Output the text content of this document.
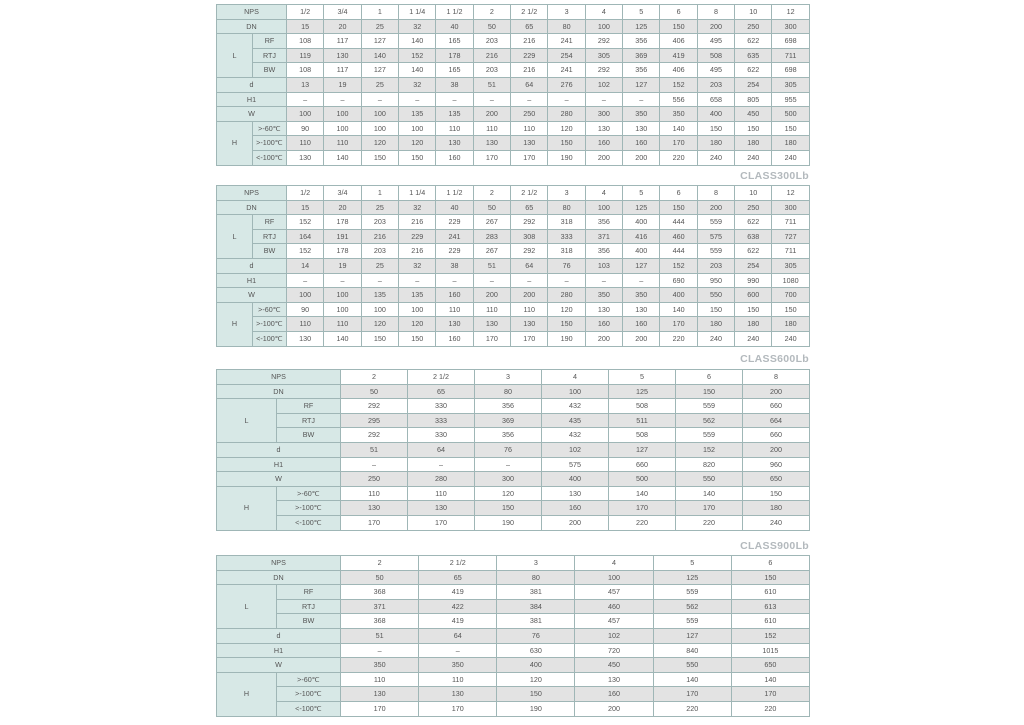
NPS		1/2	3/4	1	1 1/4	1 1/2	2	2 1/2	3	4	5	6	8	10	12
DN		15	20	25	32	40	50	65	80	100	125	150	200	250	300
L	RF	108	117	127	140	165	203	216	241	292	356	406	495	622	698
	RTJ	119	130	140	152	178	216	229	254	305	369	419	508	635	711
	BW	108	117	127	140	165	203	216	241	292	356	406	495	622	698
d		13	19	25	32	38	51	64	276	102	127	152	203	254	305
H1		–	–	–	–	–	–	–	–	–	–	556	658	805	955
W		100	100	100	135	135	200	250	280	300	350	350	400	450	500
H	>-60℃	90	100	100	100	110	110	110	120	130	130	140	150	150	150
	>-100℃	110	110	120	120	130	130	130	150	160	160	170	180	180	180
	<-100℃	130	140	150	150	160	170	170	190	200	200	220	240	240	240
CLASS300Lb
NPS		1/2	3/4	1	1 1/4	1 1/2	2	2 1/2	3	4	5	6	8	10	12
DN		15	20	25	32	40	50	65	80	100	125	150	200	250	300
L	RF	152	178	203	216	229	267	292	318	356	400	444	559	622	711
	RTJ	164	191	216	229	241	283	308	333	371	416	460	575	638	727
	BW	152	178	203	216	229	267	292	318	356	400	444	559	622	711
d		14	19	25	32	38	51	64	76	103	127	152	203	254	305
H1		–	–	–	–	–	–	–	–	–	–	690	950	990	1080
W		100	100	135	135	160	200	200	280	350	350	400	550	600	700
H	>-60℃	90	100	100	100	110	110	110	120	130	130	140	150	150	150
	>-100℃	110	110	120	120	130	130	130	150	160	160	170	180	180	180
	<-100℃	130	140	150	150	160	170	170	190	200	200	220	240	240	240
CLASS600Lb
NPS		2	2 1/2	3	4	5	6	8
DN		50	65	80	100	125	150	200
L	RF	292	330	356	432	508	559	660
	RTJ	295	333	369	435	511	562	664
	BW	292	330	356	432	508	559	660
d		51	64	76	102	127	152	200
H1		–	–	–	575	660	820	960
W		250	280	300	400	500	550	650
H	>-60℃	110	110	120	130	140	140	150
	>-100℃	130	130	150	160	170	170	180
	<-100℃	170	170	190	200	220	220	240
CLASS900Lb
NPS		2	2 1/2	3	4	5	6
DN		50	65	80	100	125	150
L	RF	368	419	381	457	559	610
	RTJ	371	422	384	460	562	613
	BW	368	419	381	457	559	610
d		51	64	76	102	127	152
H1		–	–	630	720	840	1015
W		350	350	400	450	550	650
H	>-60℃	110	110	120	130	140	140
	>-100℃	130	130	150	160	170	170
	<-100℃	170	170	190	200	220	220
